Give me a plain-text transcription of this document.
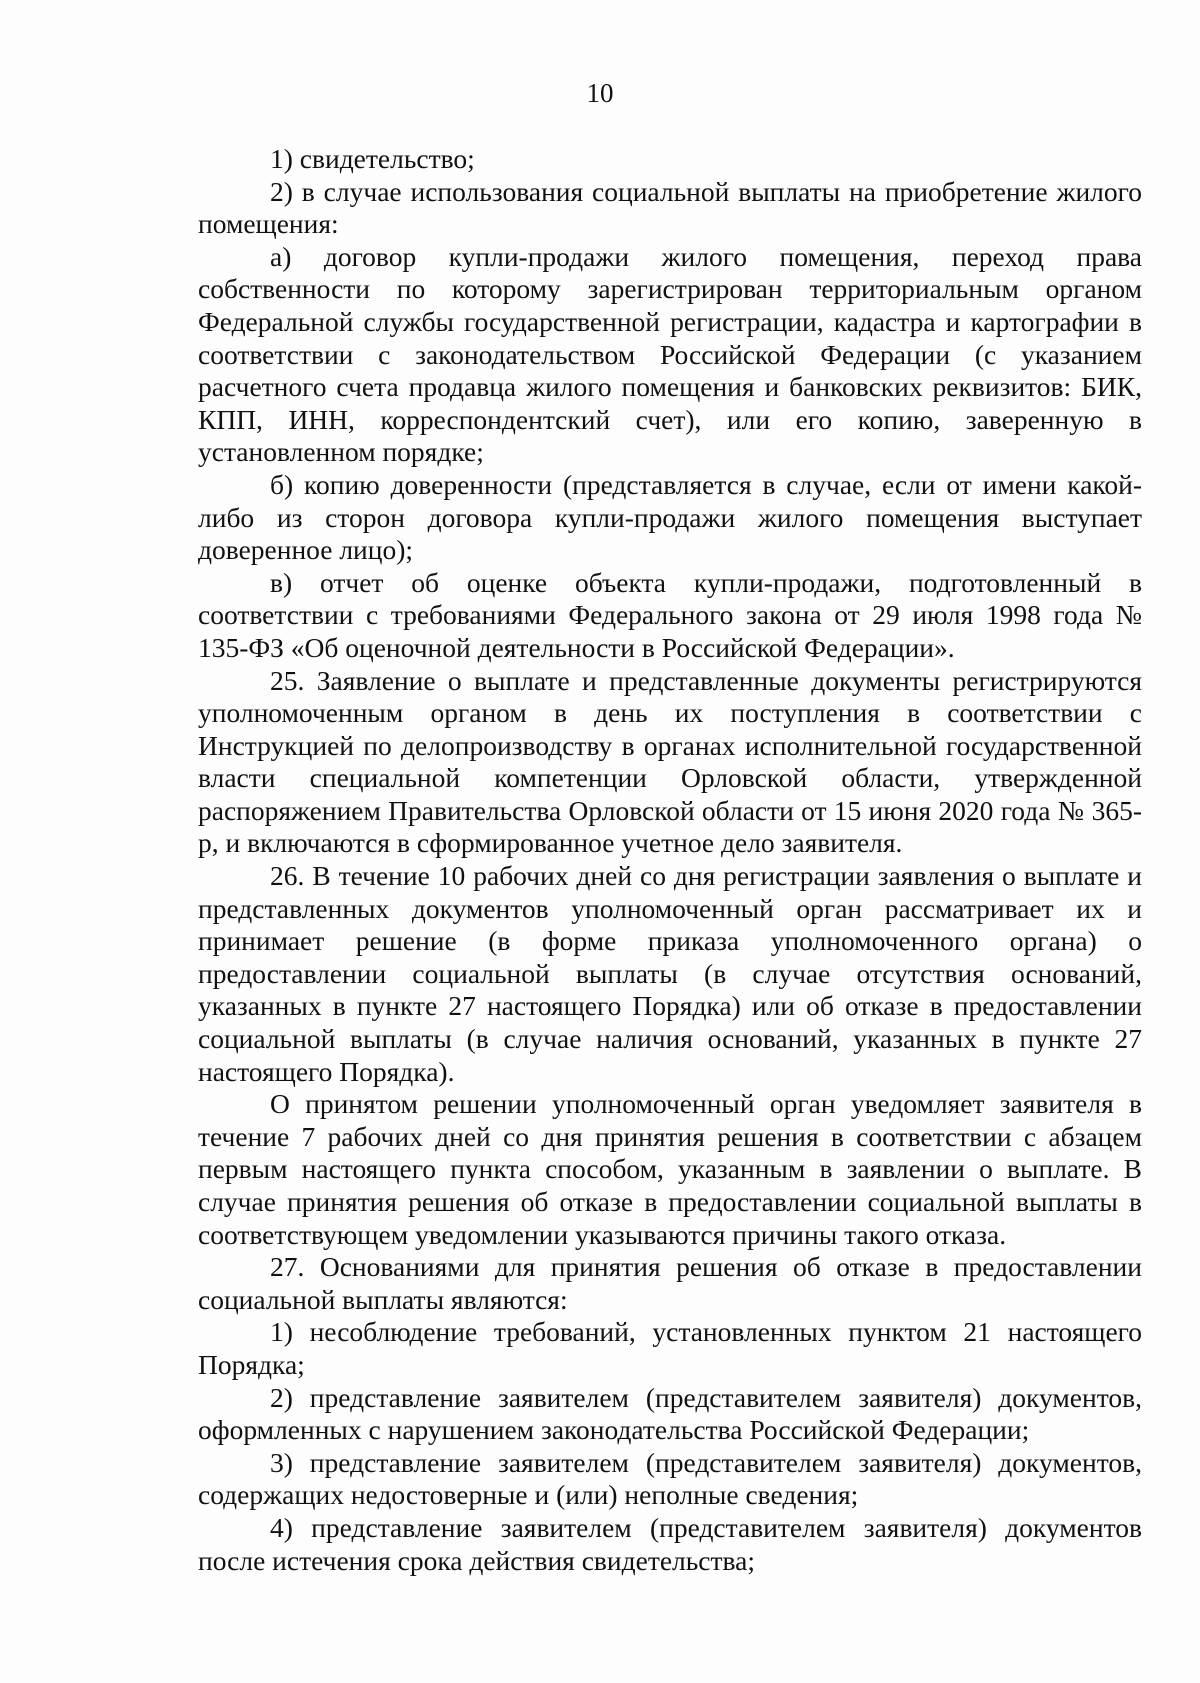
10

1) свидетельство;

2) в случае использования социальной выплаты на приобретение жилого помещения:

а) договор купли-продажи жилого помещения, переход права собственности по которому зарегистрирован территориальным органом Федеральной службы государственной регистрации, кадастра и картографии в соответствии с законодательством Российской Федерации (с указанием расчетного счета продавца жилого помещения и банковских реквизитов: БИК, КПП, ИНН, корреспондентский счет), или его копию, заверенную в установленном порядке;

б) копию доверенности (представляется в случае, если от имени какой-либо из сторон договора купли-продажи жилого помещения выступает доверенное лицо);

в) отчет об оценке объекта купли-продажи, подготовленный в соответствии с требованиями Федерального закона от 29 июля 1998 года № 135-ФЗ «Об оценочной деятельности в Российской Федерации».

25. Заявление о выплате и представленные документы регистрируются уполномоченным органом в день их поступления в соответствии с Инструкцией по делопроизводству в органах исполнительной государственной власти специальной компетенции Орловской области, утвержденной распоряжением Правительства Орловской области от 15 июня 2020 года № 365-р, и включаются в сформированное учетное дело заявителя.

26. В течение 10 рабочих дней со дня регистрации заявления о выплате и представленных документов уполномоченный орган рассматривает их и принимает решение (в форме приказа уполномоченного органа) о предоставлении социальной выплаты (в случае отсутствия оснований, указанных в пункте 27 настоящего Порядка) или об отказе в предоставлении социальной выплаты (в случае наличия оснований, указанных в пункте 27 настоящего Порядка).

О принятом решении уполномоченный орган уведомляет заявителя в течение 7 рабочих дней со дня принятия решения в соответствии с абзацем первым настоящего пункта способом, указанным в заявлении о выплате. В случае принятия решения об отказе в предоставлении социальной выплаты в соответствующем уведомлении указываются причины такого отказа.

27. Основаниями для принятия решения об отказе в предоставлении социальной выплаты являются:

1) несоблюдение требований, установленных пунктом 21 настоящего Порядка;

2) представление заявителем (представителем заявителя) документов, оформленных с нарушением законодательства Российской Федерации;

3) представление заявителем (представителем заявителя) документов, содержащих недостоверные и (или) неполные сведения;

4) представление заявителем (представителем заявителя) документов после истечения срока действия свидетельства;
